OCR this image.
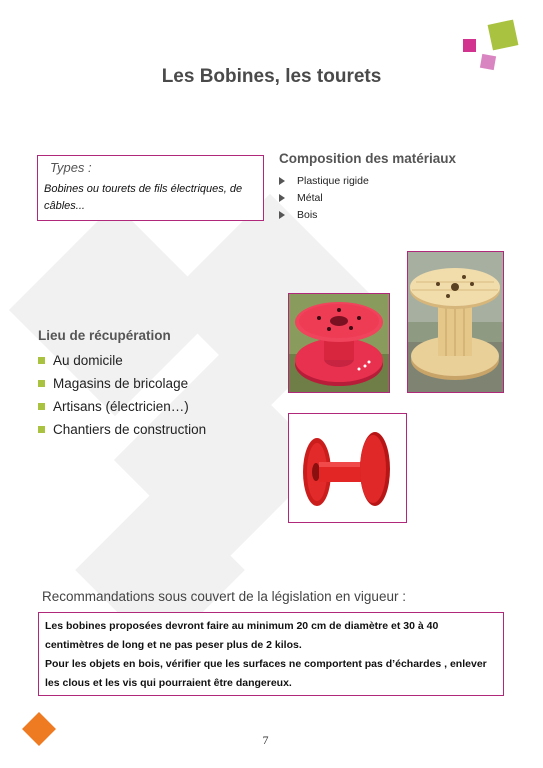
Les Bobines, les tourets
Types :
Bobines ou tourets de fils électriques, de câbles...
Composition des matériaux
Plastique rigide
Métal
Bois
Lieu de récupération
Au domicile
Magasins de bricolage
Artisans (électricien…)
Chantiers de construction
Recommandations sous couvert de la législation en vigueur :

Les bobines proposées devront faire au minimum 20 cm de diamètre et 30 à 40 centimètres de long et ne pas peser plus de 2 kilos.

Pour les objets en bois, vérifier que les surfaces ne comportent pas d’échardes , enlever les clous et les vis qui pourraient être dangereux.

7
